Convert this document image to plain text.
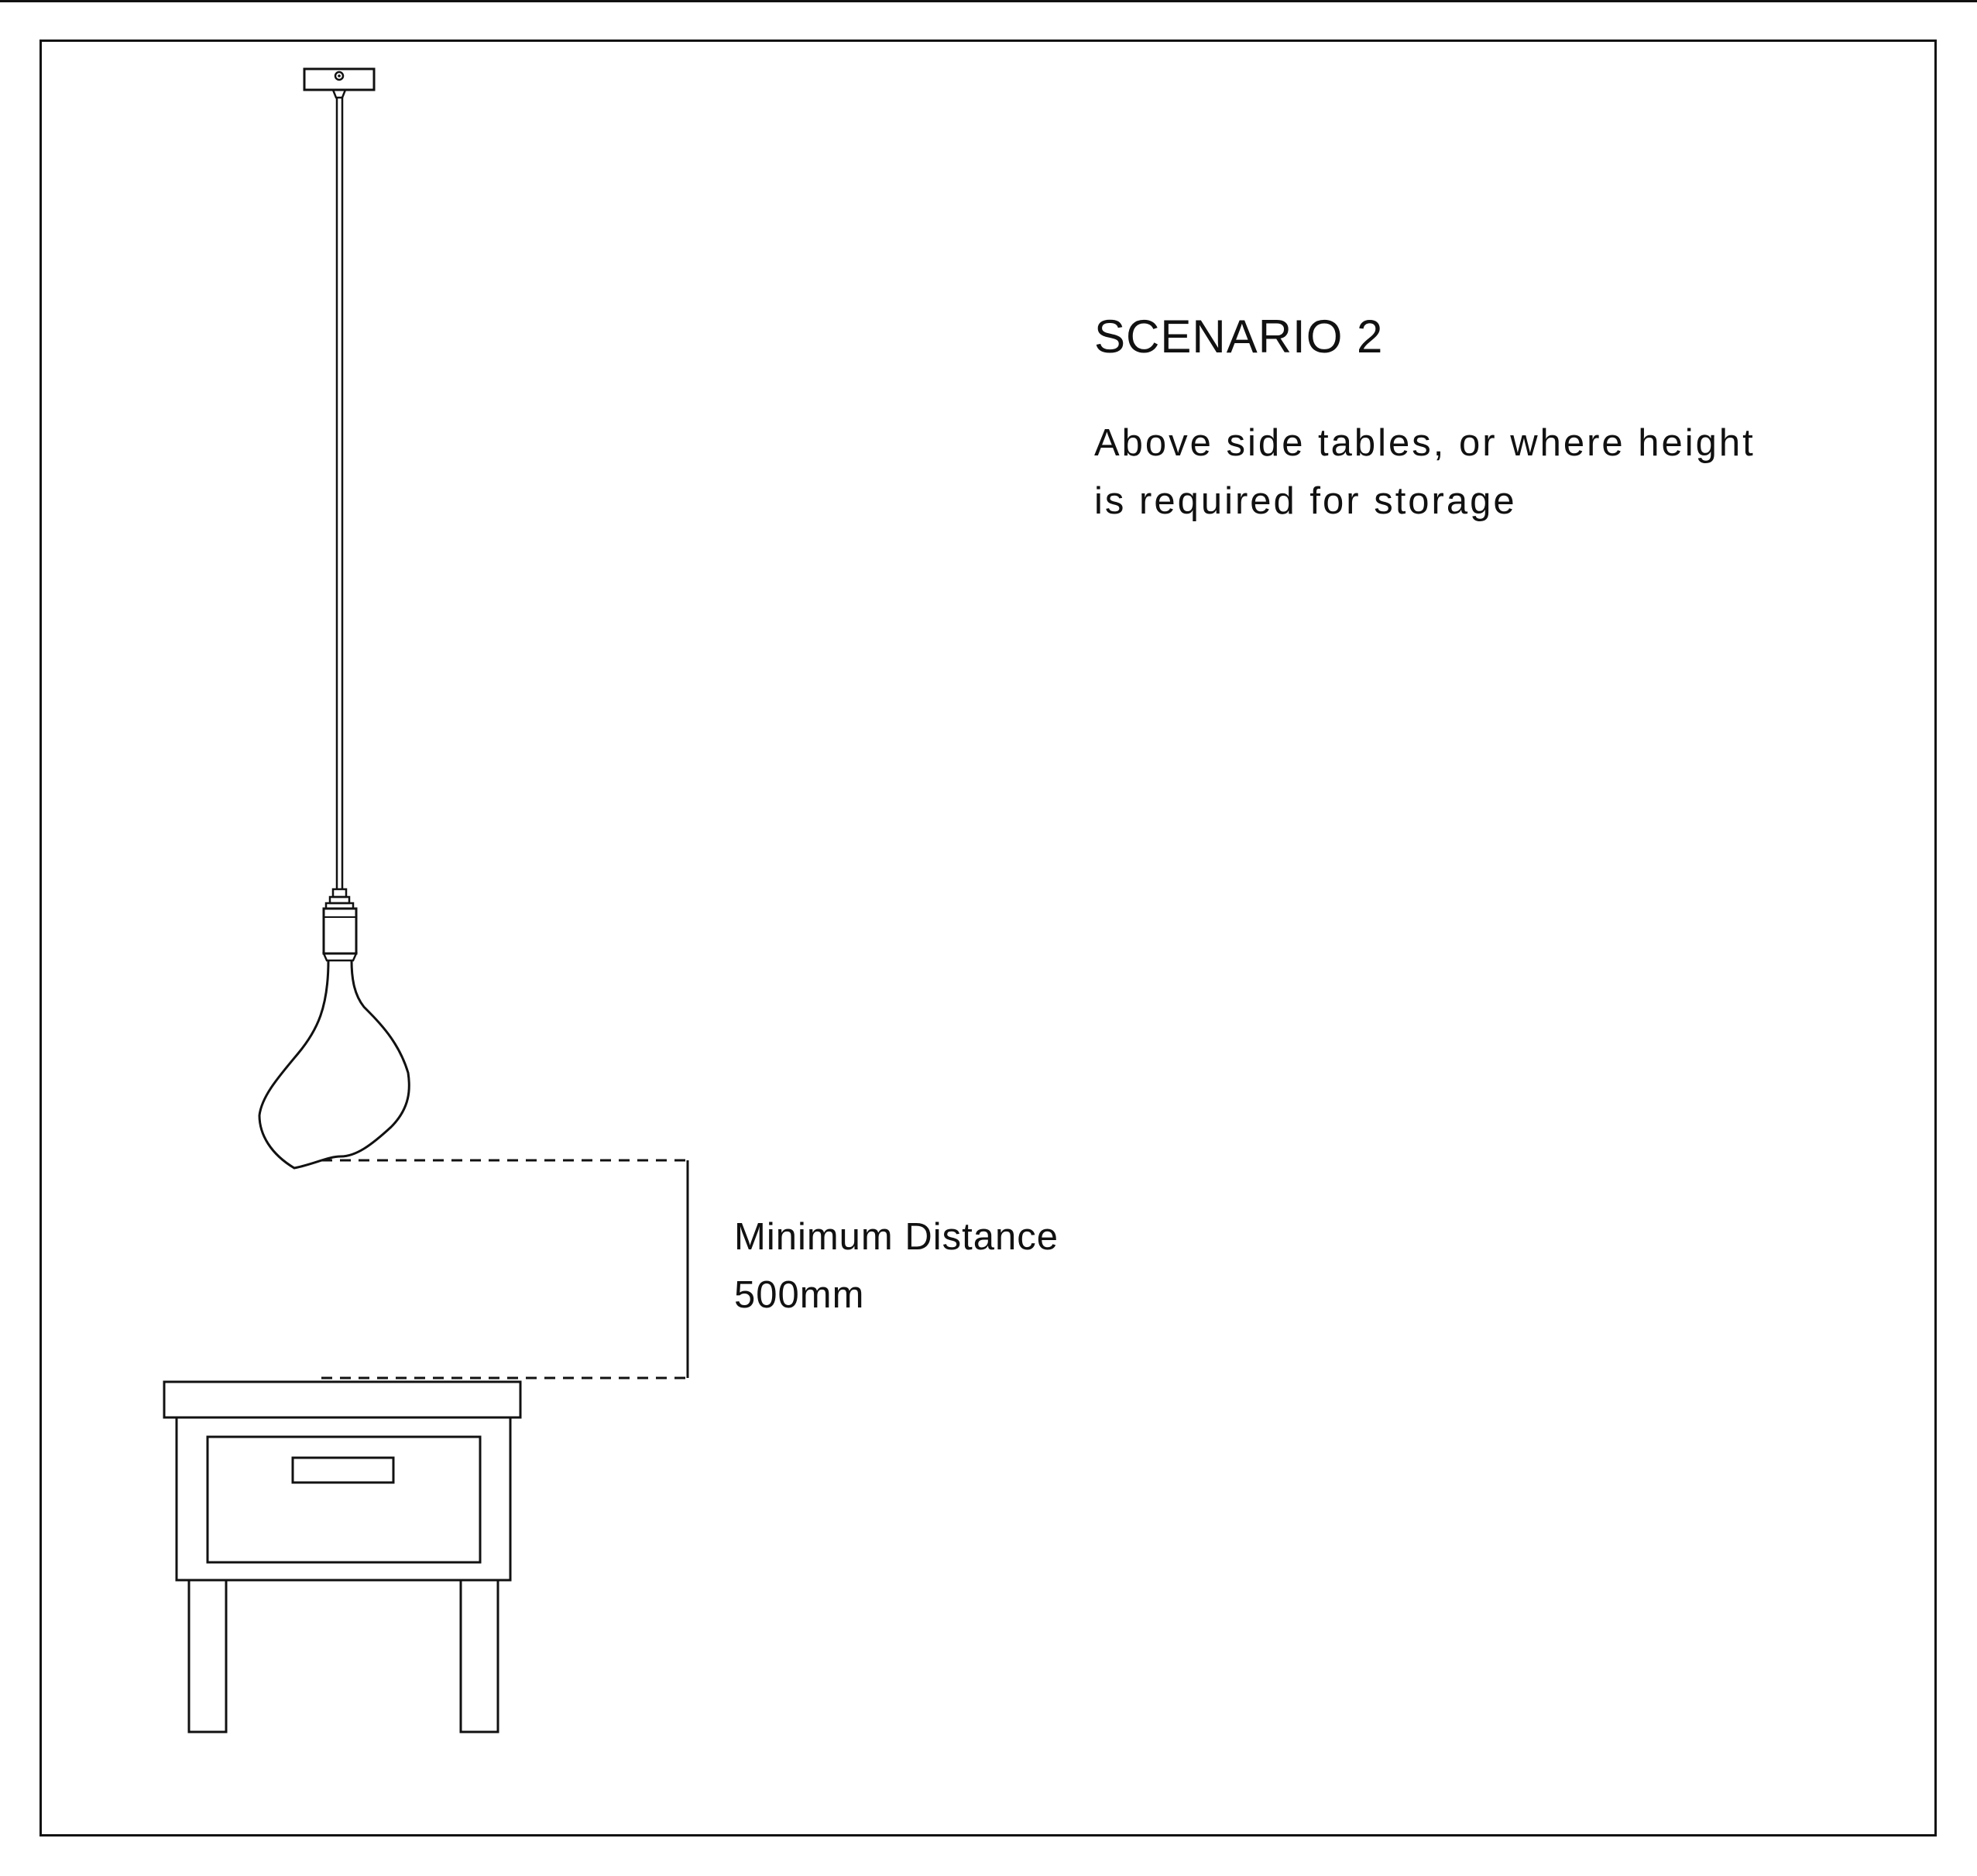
SCENARIO 2

Above side tables, or where height is required for storage

Minimum Distance
500mm
